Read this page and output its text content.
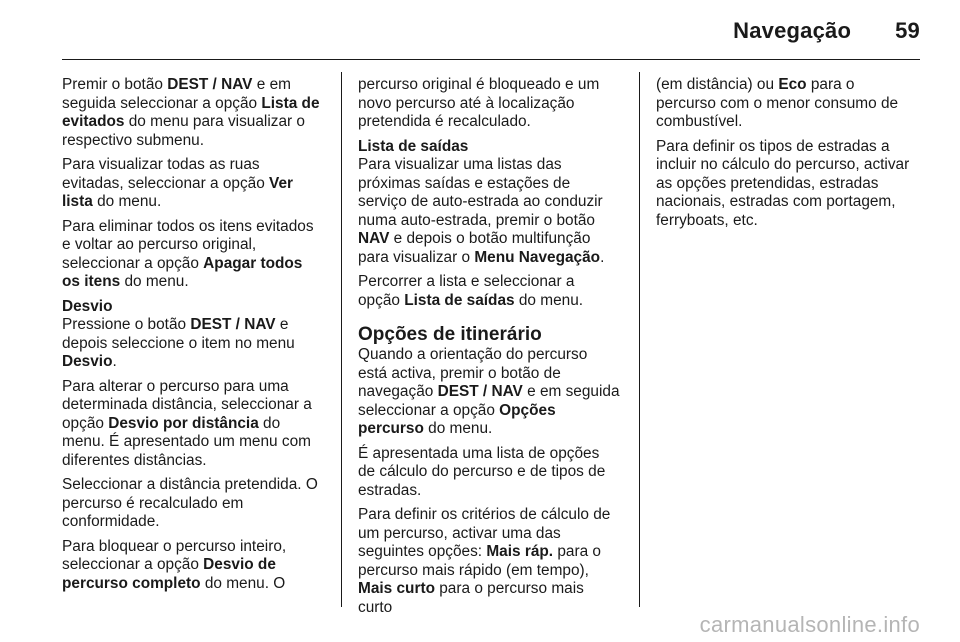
Navegação 59

Premir o botão DEST / NAV e em seguida seleccionar a opção Lista de evitados do menu para visualizar o respectivo submenu.

Para visualizar todas as ruas evitadas, seleccionar a opção Ver lista do menu.

Para eliminar todos os itens evitados e voltar ao percurso original, seleccionar a opção Apagar todos os itens do menu.

Desvio

Pressione o botão DEST / NAV e depois seleccione o item no menu Desvio.

Para alterar o percurso para uma determinada distância, seleccionar a opção Desvio por distância do menu. É apresentado um menu com diferentes distâncias.

Seleccionar a distância pretendida. O percurso é recalculado em conformidade.

Para bloquear o percurso inteiro, seleccionar a opção Desvio de percurso completo do menu. O

percurso original é bloqueado e um novo percurso até à localização pretendida é recalculado.

Lista de saídas

Para visualizar uma listas das próximas saídas e estações de serviço de auto-estrada ao conduzir numa auto-estrada, premir o botão NAV e depois o botão multifunção para visualizar o Menu Navegação.

Percorrer a lista e seleccionar a opção Lista de saídas do menu.

Opções de itinerário

Quando a orientação do percurso está activa, premir o botão de navegação DEST / NAV e em seguida seleccionar a opção Opções percurso do menu.

É apresentada uma lista de opções de cálculo do percurso e de tipos de estradas.

Para definir os critérios de cálculo de um percurso, activar uma das seguintes opções: Mais ráp. para o percurso mais rápido (em tempo), Mais curto para o percurso mais curto

(em distância) ou Eco para o percurso com o menor consumo de combustível.

Para definir os tipos de estradas a incluir no cálculo do percurso, activar as opções pretendidas, estradas nacionais, estradas com portagem, ferryboats, etc.

carmanualsonline.info
